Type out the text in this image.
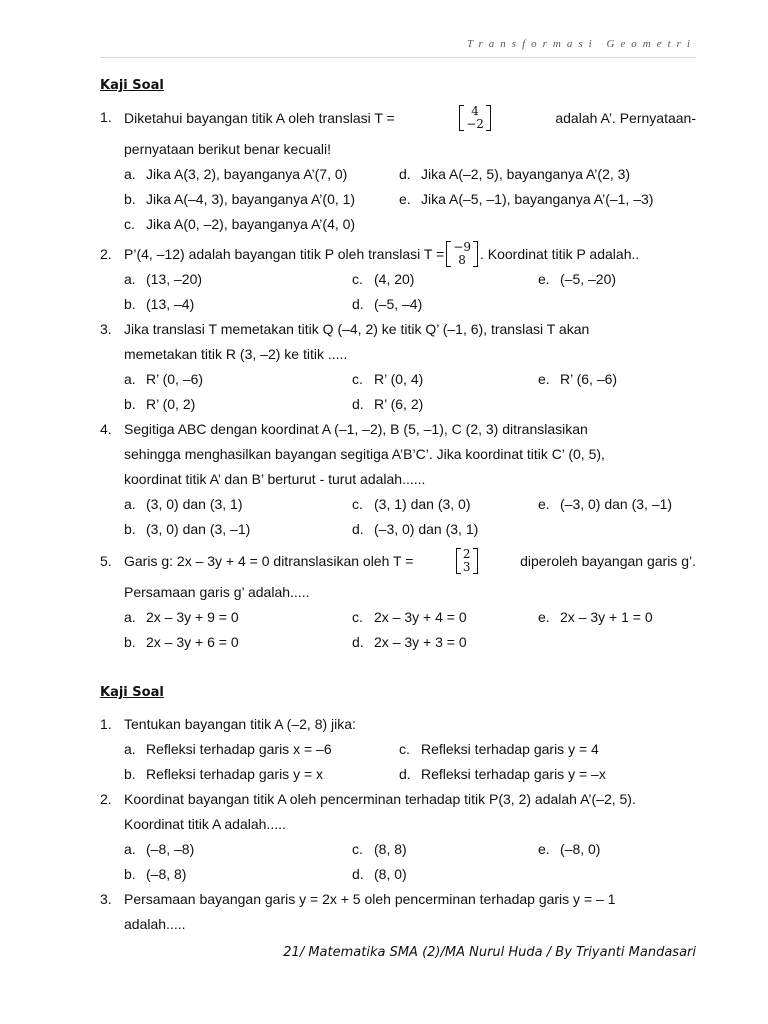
Transformasi Geometri
Kaji Soal
1. Diketahui bayangan titik A oleh translasi T =	4
−2	adalah A’. Pernyataan-
pernyataan berikut benar kecuali!
a. Jika A(3, 2), bayanganya A’(7, 0)	d. Jika A(–2, 5), bayanganya A’(2, 3)
b. Jika A(–4, 3), bayanganya A’(0, 1)	e. Jika A(–5, –1), bayanganya A’(–1, –3)
c. Jika A(0, –2), bayanganya A’(4, 0)
2. P’(4, –12) adalah bayangan titik P oleh translasi T = −9
8 . Koordinat titik P adalah..
a. (13, –20)	c. (4, 20)	e. (–5, –20)
b. (13, –4)	d. (–5, –4)
3. Jika translasi T memetakan titik Q (–4, 2) ke titik Q’ (–1, 6), translasi T akan
memetakan titik R (3, –2) ke titik .....
a. R’ (0, –6)	c. R’ (0, 4)	e. R’ (6, –6)
b. R’ (0, 2)	d. R’ (6, 2)
4. Segitiga ABC dengan koordinat A (–1, –2), B (5, –1), C (2, 3) ditranslasikan
sehingga menghasilkan bayangan segitiga A’B’C’. Jika koordinat titik C’ (0, 5),
koordinat titik A’ dan B’ berturut - turut adalah......
a. (3, 0) dan (3, 1)	c. (3, 1) dan (3, 0)	e. (–3, 0) dan (3, –1)
b. (3, 0) dan (3, –1)	d. (–3, 0) dan (3, 1)
5. Garis g: 2x – 3y + 4 = 0 ditranslasikan oleh T =	2
3	diperoleh bayangan garis g’.
Persamaan garis g’ adalah.....
a. 2x – 3y + 9 = 0	c. 2x – 3y + 4 = 0	e. 2x – 3y + 1 = 0
b. 2x – 3y + 6 = 0	d. 2x – 3y + 3 = 0
Kaji Soal
1. Tentukan bayangan titik A (–2, 8) jika:
a. Refleksi terhadap garis x = –6	c. Refleksi terhadap garis y = 4
b. Refleksi terhadap garis y = x	d. Refleksi terhadap garis y = –x
2. Koordinat bayangan titik A oleh pencerminan terhadap titik P(3, 2) adalah A’(–2, 5).
Koordinat titik A adalah.....
a. (–8, –8)	c. (8, 8)	e. (–8, 0)
b. (–8, 8)	d. (8, 0)
3. Persamaan bayangan garis y = 2x + 5 oleh pencerminan terhadap garis y = – 1
adalah.....
21/ Matematika SMA (2)/MA Nurul Huda / By Triyanti Mandasari
